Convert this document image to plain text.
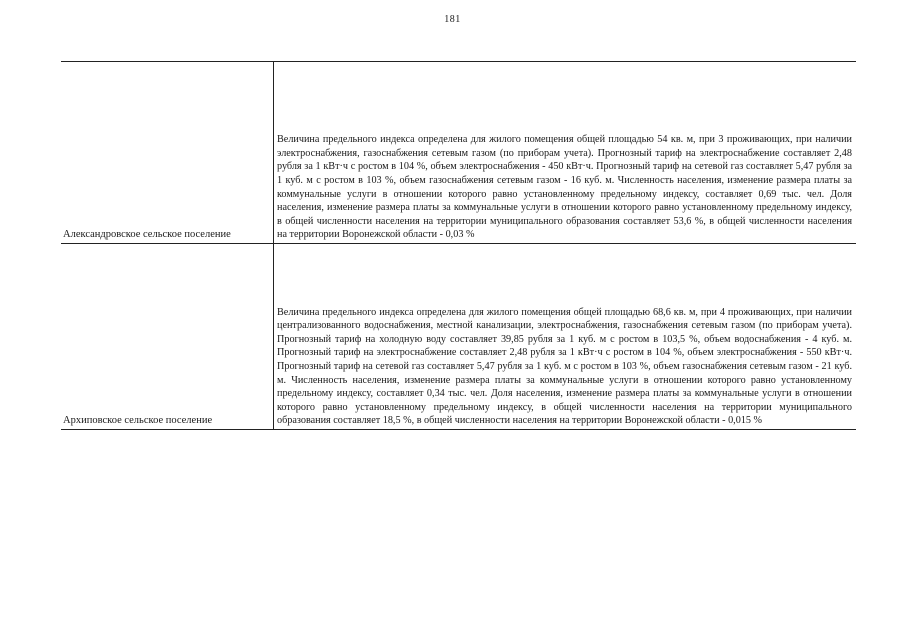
181
Александровское сельское поселение
Величина предельного индекса определена для жилого помещения общей площадью 54 кв. м, при 3 проживающих, при наличии электроснабжения, газоснабжения сетевым газом (по приборам учета). Прогнозный тариф на электроснабжение составляет 2,48 рубля за 1 кВт·ч с ростом в 104 %, объем электроснабжения - 450 кВт·ч. Прогнозный тариф на сетевой газ составляет 5,47 рубля за 1 куб. м с ростом в 103 %, объем газоснабжения сетевым газом - 16 куб. м. Численность населения, изменение размера платы за коммунальные услуги в отношении которого равно установленному предельному индексу, составляет 0,69 тыс. чел. Доля населения, изменение размера платы за коммунальные услуги в отношении которого равно установленному предельному индексу, в общей численности населения на территории муниципального образования составляет 53,6 %, в общей численности населения на территории Воронежской области - 0,03 %
Архиповское сельское поселение
Величина предельного индекса определена для жилого помещения общей площадью 68,6 кв. м, при 4 проживающих, при наличии централизованного водоснабжения, местной канализации, электроснабжения, газоснабжения сетевым газом (по приборам учета). Прогнозный тариф на холодную воду составляет 39,85 рубля за 1 куб. м с ростом в 103,5 %, объем водоснабжения - 4 куб. м. Прогнозный тариф на электроснабжение составляет 2,48 рубля за 1 кВт·ч с ростом в 104 %, объем электроснабжения - 550 кВт·ч. Прогнозный тариф на сетевой газ составляет 5,47 рубля за 1 куб. м с ростом в 103 %, объем газоснабжения сетевым газом - 21 куб. м. Численность населения, изменение размера платы за коммунальные услуги в отношении которого равно установленному предельному индексу, составляет 0,34 тыс. чел. Доля населения, изменение размера платы за коммунальные услуги в отношении которого равно установленному предельному индексу, в общей численности населения на территории муниципального образования составляет 18,5 %, в общей численности населения на территории Воронежской области - 0,015 %
